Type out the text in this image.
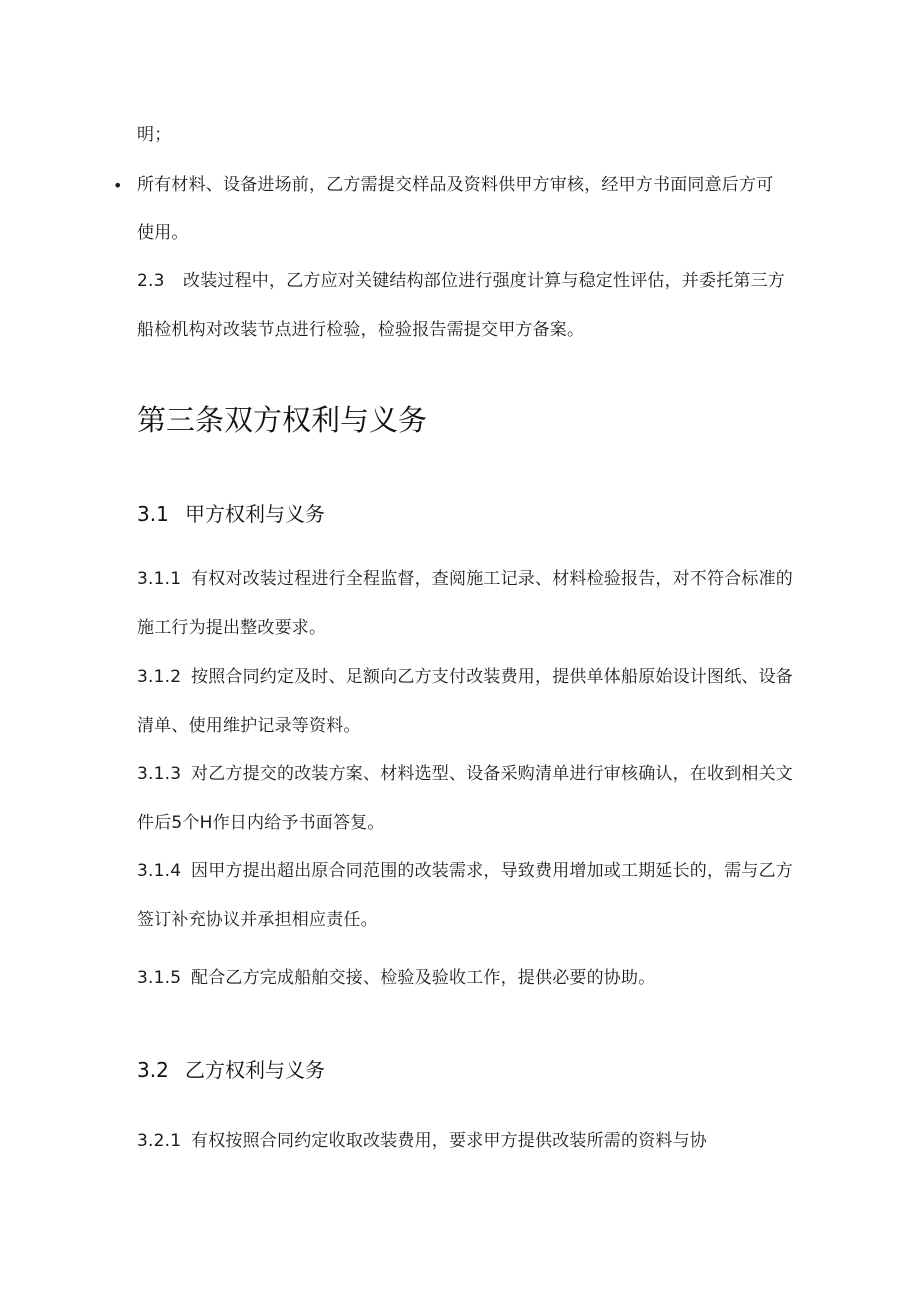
明；
• 所有材料、设备进场前，乙方需提交样品及资料供甲方审核，经甲方书面同意后方可
使用。
2.3 改装过程中，乙方应对关键结构部位进行强度计算与稳定性评估，并委托第三方
船检机构对改装节点进行检验，检验报告需提交甲方备案。
第三条双方权利与义务
3.1 甲方权利与义务
3.1.1 有权对改装过程进行全程监督，查阅施工记录、材料检验报告，对不符合标准的
施工行为提出整改要求。
3.1.2 按照合同约定及时、足额向乙方支付改装费用，提供单体船原始设计图纸、设备
清单、使用维护记录等资料。
3.1.3 对乙方提交的改装方案、材料选型、设备采购清单进行审核确认，在收到相关文
件后5个H作日内给予书面答复。
3.1.4 因甲方提出超出原合同范围的改装需求，导致费用增加或工期延长的，需与乙方
签订补充协议并承担相应责任。
3.1.5 配合乙方完成船舶交接、检验及验收工作，提供必要的协助。
3.2 乙方权利与义务
3.2.1 有权按照合同约定收取改装费用，要求甲方提供改装所需的资料与协
